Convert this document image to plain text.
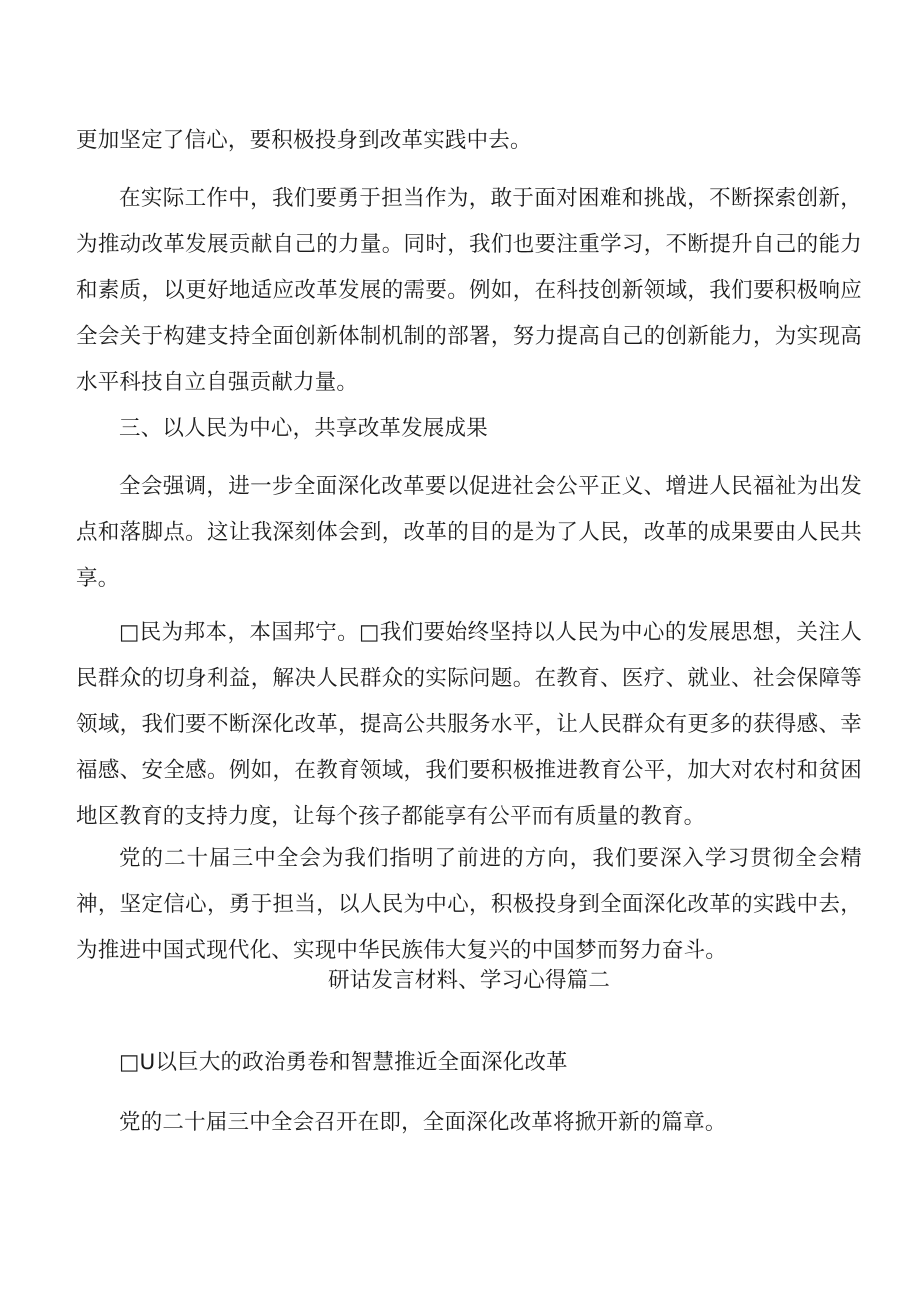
更加坚定了信心，要积极投身到改革实践中去。

在实际工作中，我们要勇于担当作为，敢于面对困难和挑战，不断探索创新，为推动改革发展贡献自己的力量。同时，我们也要注重学习，不断提升自己的能力和素质，以更好地适应改革发展的需要。例如，在科技创新领域，我们要积极响应全会关于构建支持全面创新体制机制的部署，努力提高自己的创新能力，为实现高水平科技自立自强贡献力量。

三、以人民为中心，共享改革发展成果

全会强调，进一步全面深化改革要以促进社会公平正义、增进人民福祉为出发点和落脚点。这让我深刻体会到，改革的目的是为了人民，改革的成果要由人民共享。

□民为邦本，本国邦宁。□我们要始终坚持以人民为中心的发展思想，关注人民群众的切身利益，解决人民群众的实际问题。在教育、医疗、就业、社会保障等领域，我们要不断深化改革，提高公共服务水平，让人民群众有更多的获得感、幸福感、安全感。例如，在教育领域，我们要积极推进教育公平，加大对农村和贫困地区教育的支持力度，让每个孩子都能享有公平而有质量的教育。

党的二十届三中全会为我们指明了前进的方向，我们要深入学习贯彻全会精神，坚定信心，勇于担当，以人民为中心，积极投身到全面深化改革的实践中去，为推进中国式现代化、实现中华民族伟大复兴的中国梦而努力奋斗。

研诂发言材料、学习心得篇二

□U以巨大的政治勇卷和智慧推近全面深化改革

党的二十届三中全会召开在即，全面深化改革将掀开新的篇章。
